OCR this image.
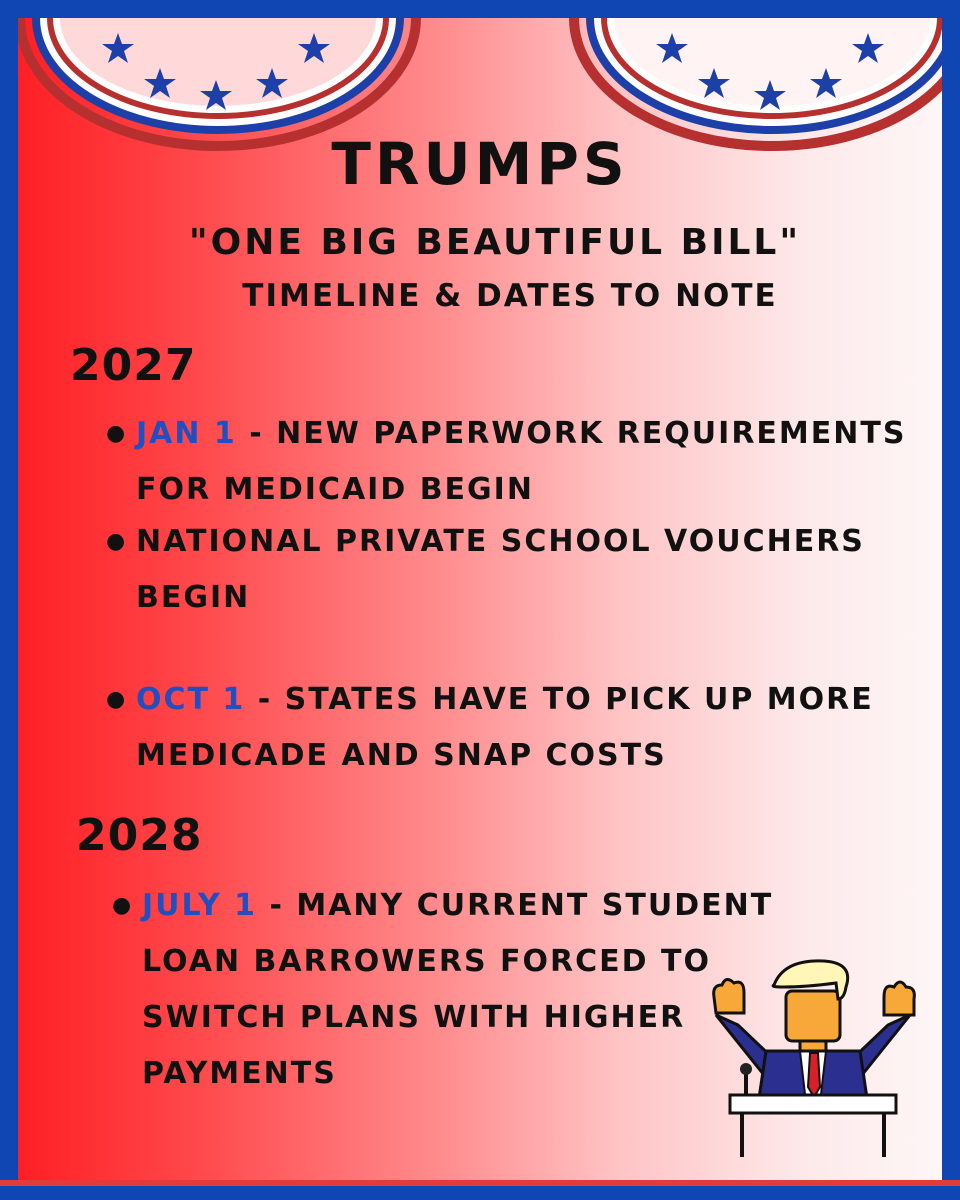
TRUMPS
"ONE BIG BEAUTIFUL BILL"
TIMELINE & DATES TO NOTE
2027
● JAN 1 - NEW PAPERWORK REQUIREMENTS
FOR MEDICAID BEGIN
● NATIONAL PRIVATE SCHOOL VOUCHERS
BEGIN
● OCT 1 - STATES HAVE TO PICK UP MORE
MEDICADE AND SNAP COSTS
2028
● JULY 1 - MANY CURRENT STUDENT
LOAN BARROWERS FORCED TO
SWITCH PLANS WITH HIGHER
PAYMENTS
